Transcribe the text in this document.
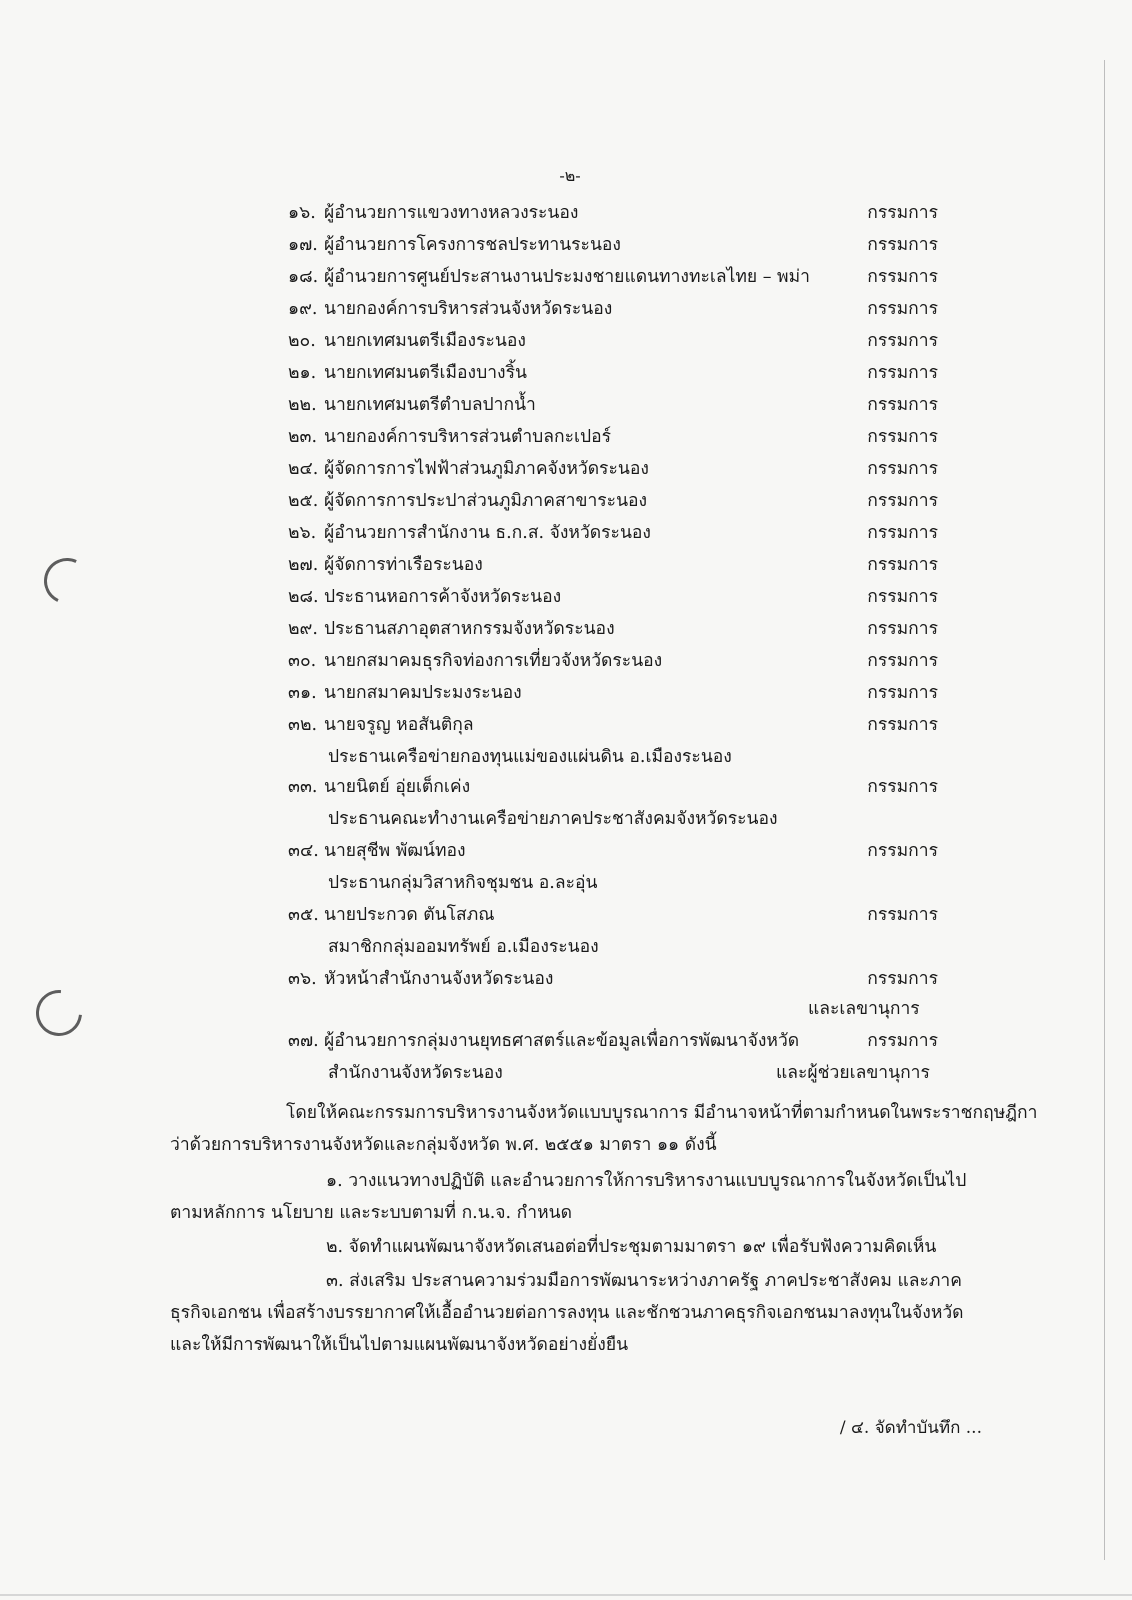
-๒-
๑๖. ผู้อำนวยการแขวงทางหลวงระนอง	กรรมการ
๑๗. ผู้อำนวยการโครงการชลประทานระนอง	กรรมการ
๑๘. ผู้อำนวยการศูนย์ประสานงานประมงชายแดนทางทะเลไทย – พม่า	กรรมการ
๑๙. นายกองค์การบริหารส่วนจังหวัดระนอง	กรรมการ
๒๐. นายกเทศมนตรีเมืองระนอง	กรรมการ
๒๑. นายกเทศมนตรีเมืองบางริ้น	กรรมการ
๒๒. นายกเทศมนตรีตำบลปากน้ำ	กรรมการ
๒๓. นายกองค์การบริหารส่วนตำบลกะเปอร์	กรรมการ
๒๔. ผู้จัดการการไฟฟ้าส่วนภูมิภาคจังหวัดระนอง	กรรมการ
๒๕. ผู้จัดการการประปาส่วนภูมิภาคสาขาระนอง	กรรมการ
๒๖. ผู้อำนวยการสำนักงาน ธ.ก.ส. จังหวัดระนอง	กรรมการ
๒๗. ผู้จัดการท่าเรือระนอง	กรรมการ
๒๘. ประธานหอการค้าจังหวัดระนอง	กรรมการ
๒๙. ประธานสภาอุตสาหกรรมจังหวัดระนอง	กรรมการ
๓๐. นายกสมาคมธุรกิจท่องการเที่ยวจังหวัดระนอง	กรรมการ
๓๑. นายกสมาคมประมงระนอง	กรรมการ
๓๒. นายจรูญ หอสันติกุล	กรรมการ
ประธานเครือข่ายกองทุนแม่ของแผ่นดิน อ.เมืองระนอง
๓๓. นายนิตย์ อุ่ยเต็กเค่ง	กรรมการ
ประธานคณะทำงานเครือข่ายภาคประชาสังคมจังหวัดระนอง
๓๔. นายสุชีพ พัฒน์ทอง	กรรมการ
ประธานกลุ่มวิสาหกิจชุมชน อ.ละอุ่น
๓๕. นายประกวด ตันโสภณ	กรรมการ
สมาชิกกลุ่มออมทรัพย์ อ.เมืองระนอง
๓๖. หัวหน้าสำนักงานจังหวัดระนอง	กรรมการ
และเลขานุการ
๓๗. ผู้อำนวยการกลุ่มงานยุทธศาสตร์และข้อมูลเพื่อการพัฒนาจังหวัด	กรรมการ
สำนักงานจังหวัดระนอง	และผู้ช่วยเลขานุการ
โดยให้คณะกรรมการบริหารงานจังหวัดแบบบูรณาการ มีอำนาจหน้าที่ตามกำหนดในพระราชกฤษฎีกา
ว่าด้วยการบริหารงานจังหวัดและกลุ่มจังหวัด พ.ศ. ๒๕๕๑ มาตรา ๑๑ ดังนี้
๑. วางแนวทางปฏิบัติ และอำนวยการให้การบริหารงานแบบบูรณาการในจังหวัดเป็นไป
ตามหลักการ นโยบาย และระบบตามที่ ก.น.จ. กำหนด
๒. จัดทำแผนพัฒนาจังหวัดเสนอต่อที่ประชุมตามมาตรา ๑๙ เพื่อรับฟังความคิดเห็น
๓. ส่งเสริม ประสานความร่วมมือการพัฒนาระหว่างภาครัฐ ภาคประชาสังคม และภาค
ธุรกิจเอกชน เพื่อสร้างบรรยากาศให้เอื้ออำนวยต่อการลงทุน และชักชวนภาคธุรกิจเอกชนมาลงทุนในจังหวัด
และให้มีการพัฒนาให้เป็นไปตามแผนพัฒนาจังหวัดอย่างยั่งยืน
/ ๔. จัดทำบันทึก ...
